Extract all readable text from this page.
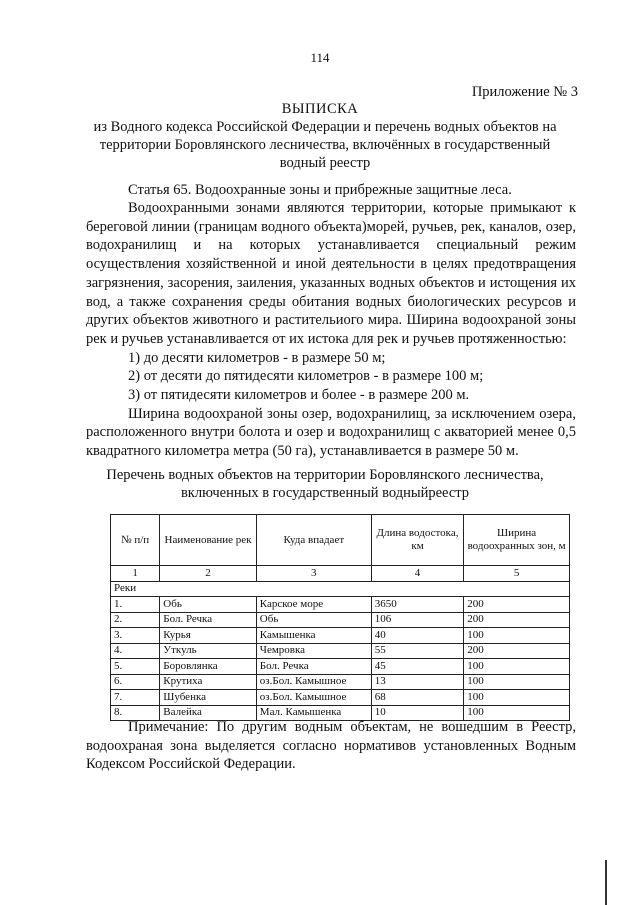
114
Приложение № 3
ВЫПИСКА
из Водного кодекса Российской Федерации и перечень водных объектов на территории Боровлянского лесничества, включённых в государственный водный реестр

Статья 65. Водоохранные зоны и прибрежные защитные леса.

Водоохранными зонами являются территории, которые примыкают к береговой линии (границам водного объекта)морей, ручьев, рек, каналов, озер, водохранилищ и на которых устанавливается специальный режим осуществления хозяйственной и иной деятельности в целях предотвращения загрязнения, засорения, заиления, указанных водных объектов и истощения их вод, а также сохранения среды обитания водных биологических ресурсов и других объектов животного и растительиого мира. Ширина водоохраной зоны рек и ручьев устанавливается от их истока для рек и ручьев протяженностью:

1) до десяти километров - в размере 50 м;

2) от десяти до пятидесяти километров - в размере 100 м;

3) от пятидесяти километров и более - в размере 200 м.

Ширина водоохраной зоны озер, водохранилищ, за исключением озера, расположенного внутри болота и озер и водохранилищ с акваторией менее 0,5 квадратного километра метра (50 га), устанавливается в размере 50 м.

Перечень водных объектов на территории Боровлянского лесничества, включенных в государственный водныйреестр
№ п/п	Наименование рек	Куда впадает	Длина водостока, км	Ширина водоохранных зон, м
1	2	3	4	5
Реки				
1.	Обь	Карское море	3650	200
2.	Бол. Речка	Обь	106	200
3.	Курья	Камышенка	40	100
4.	Уткуль	Чемровка	55	200
5.	Боровлянка	Бол. Речка	45	100
6.	Крутиха	оз.Бол. Камышное	13	100
7.	Шубенка	оз.Бол. Камышное	68	100
8.	Валейка	Мал. Камышенка	10	100

Примечание: По другим водным объектам, не вошедшим в Реестр, водоохраная зона выделяется согласно нормативов установленных Водным Кодексом Российской Федерации.
